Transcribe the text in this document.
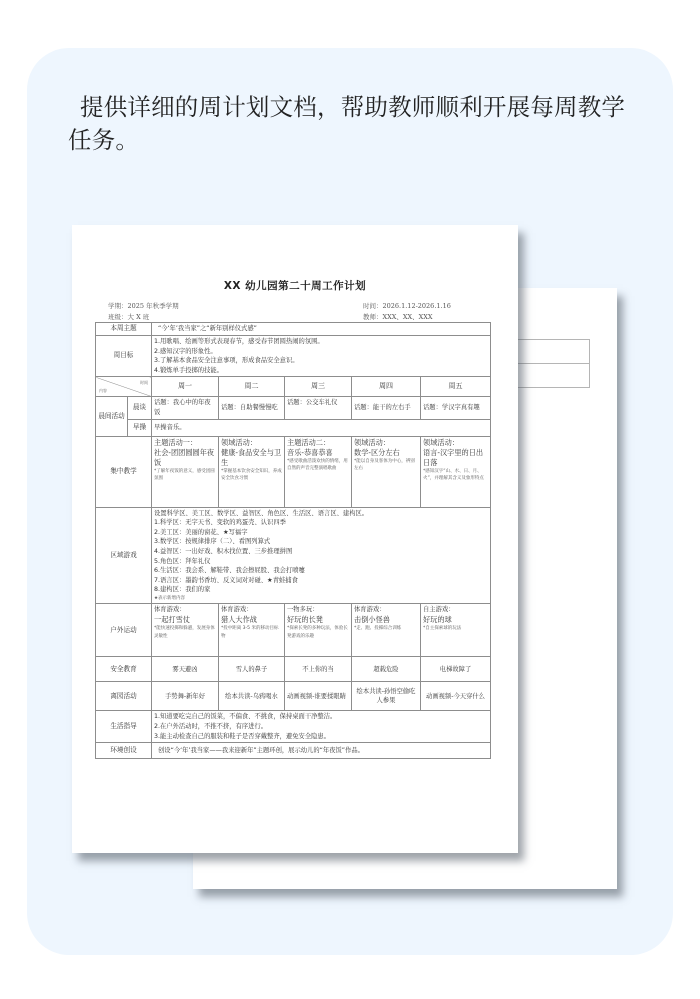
提供详细的周计划文档，帮助教师顺利开展每周教学任务。
XX 幼儿园第二十周工作计划
学期：2025 年秋季学期
班级：大 X 班
时间：2026.1.12-2026.1.16
教师：XXX、XX、XXX
本周主题		“今‘年’我当家”之“新年别样仪式感”				
周目标		1.用歌唱、绘画等形式表现春节，感受春节团圆热闹的氛围。
2.感知汉字的形象性。
3.了解基本食品安全注意事项，形成食品安全意识。
4.锻炼单手投掷的技能。				

时间
内容		周一	周二	周三	周四	周五
晨间活动	晨谈	话题：我心中的年夜饭	话题：自助餐慢慢吃	话题：公交车礼仪	话题：能干的左右手	话题：学汉字真有趣
	早操	早操音乐。				
集中教学		主题活动一：
社会-团团圆圆年夜饭
*了解年夜饭的意义，感受团圆氛围	领域活动：
健康-食品安全与卫生
*掌握基本饮食安全知识，养成安全饮食习惯	主题活动二：
音乐-恭喜恭喜
*感受歌曲活泼欢快的情绪，用自然的声音完整演唱歌曲	领域活动：
数学-区分左右
*能以自身及客体为中心，辨别左右	领域活动：
语言-汉字里的日出日落
*感知汉字“山、水、日、月、火”，并理解其含义及象形特点

区域游戏	
设置科学区、美工区、数学区、益智区、角色区、生活区、语言区、建构区。
1.科学区：无字天书、变软的鸡蛋壳、认识四季
2.美工区：美丽的窗花、★写福字
3.数学区：按规律排序（二）、看图列算式
4.益智区：一出好戏、积木找位置、三步推理拼图
5.角色区：拜年礼仪
6.生活区：我会系、解鞋带、我会擦屁股、我会打喷嚏
7.语言区：墨韵书香坊、反义词对对碰、★青蛙捕食
8.建构区：我们的家
★表示新增内容

户外运动		体育游戏：
一起打雪仗
*能快速投掷和躲避，发展身体灵敏性	体育游戏：
猎人大作战
*投中距离 3-5 米的移动目标物	一物多玩：
好玩的长凳
*探索长凳的多种玩法，体验长凳游戏的乐趣	体育游戏：
击倒小怪兽
*走、跑、投掷综合训练	自主游戏：
好玩的球
*自主探索球的玩法

安全教育		雾天避凶	雪人的鼻子	不上你的当	超载危险	电梯故障了
离园活动		手势舞-新年好	绘本共读-乌鸦喝水	动画视频-谁要揉眼睛	绘本共读-孙悟空偷吃人参果	动画视频-今天穿什么
生活指导		1.知道要吃完自己的饭菜，不偏食、不挑食，保持桌面干净整洁。
2.在户外活动时，不推不挤，有序进行。
3.能主动检查自己的服装和鞋子是否穿戴整齐，避免安全隐患。				

环境创设		创设“今‘年’我当家——我来迎新年”主题环创，展示幼儿的“年夜饭”作品。				
